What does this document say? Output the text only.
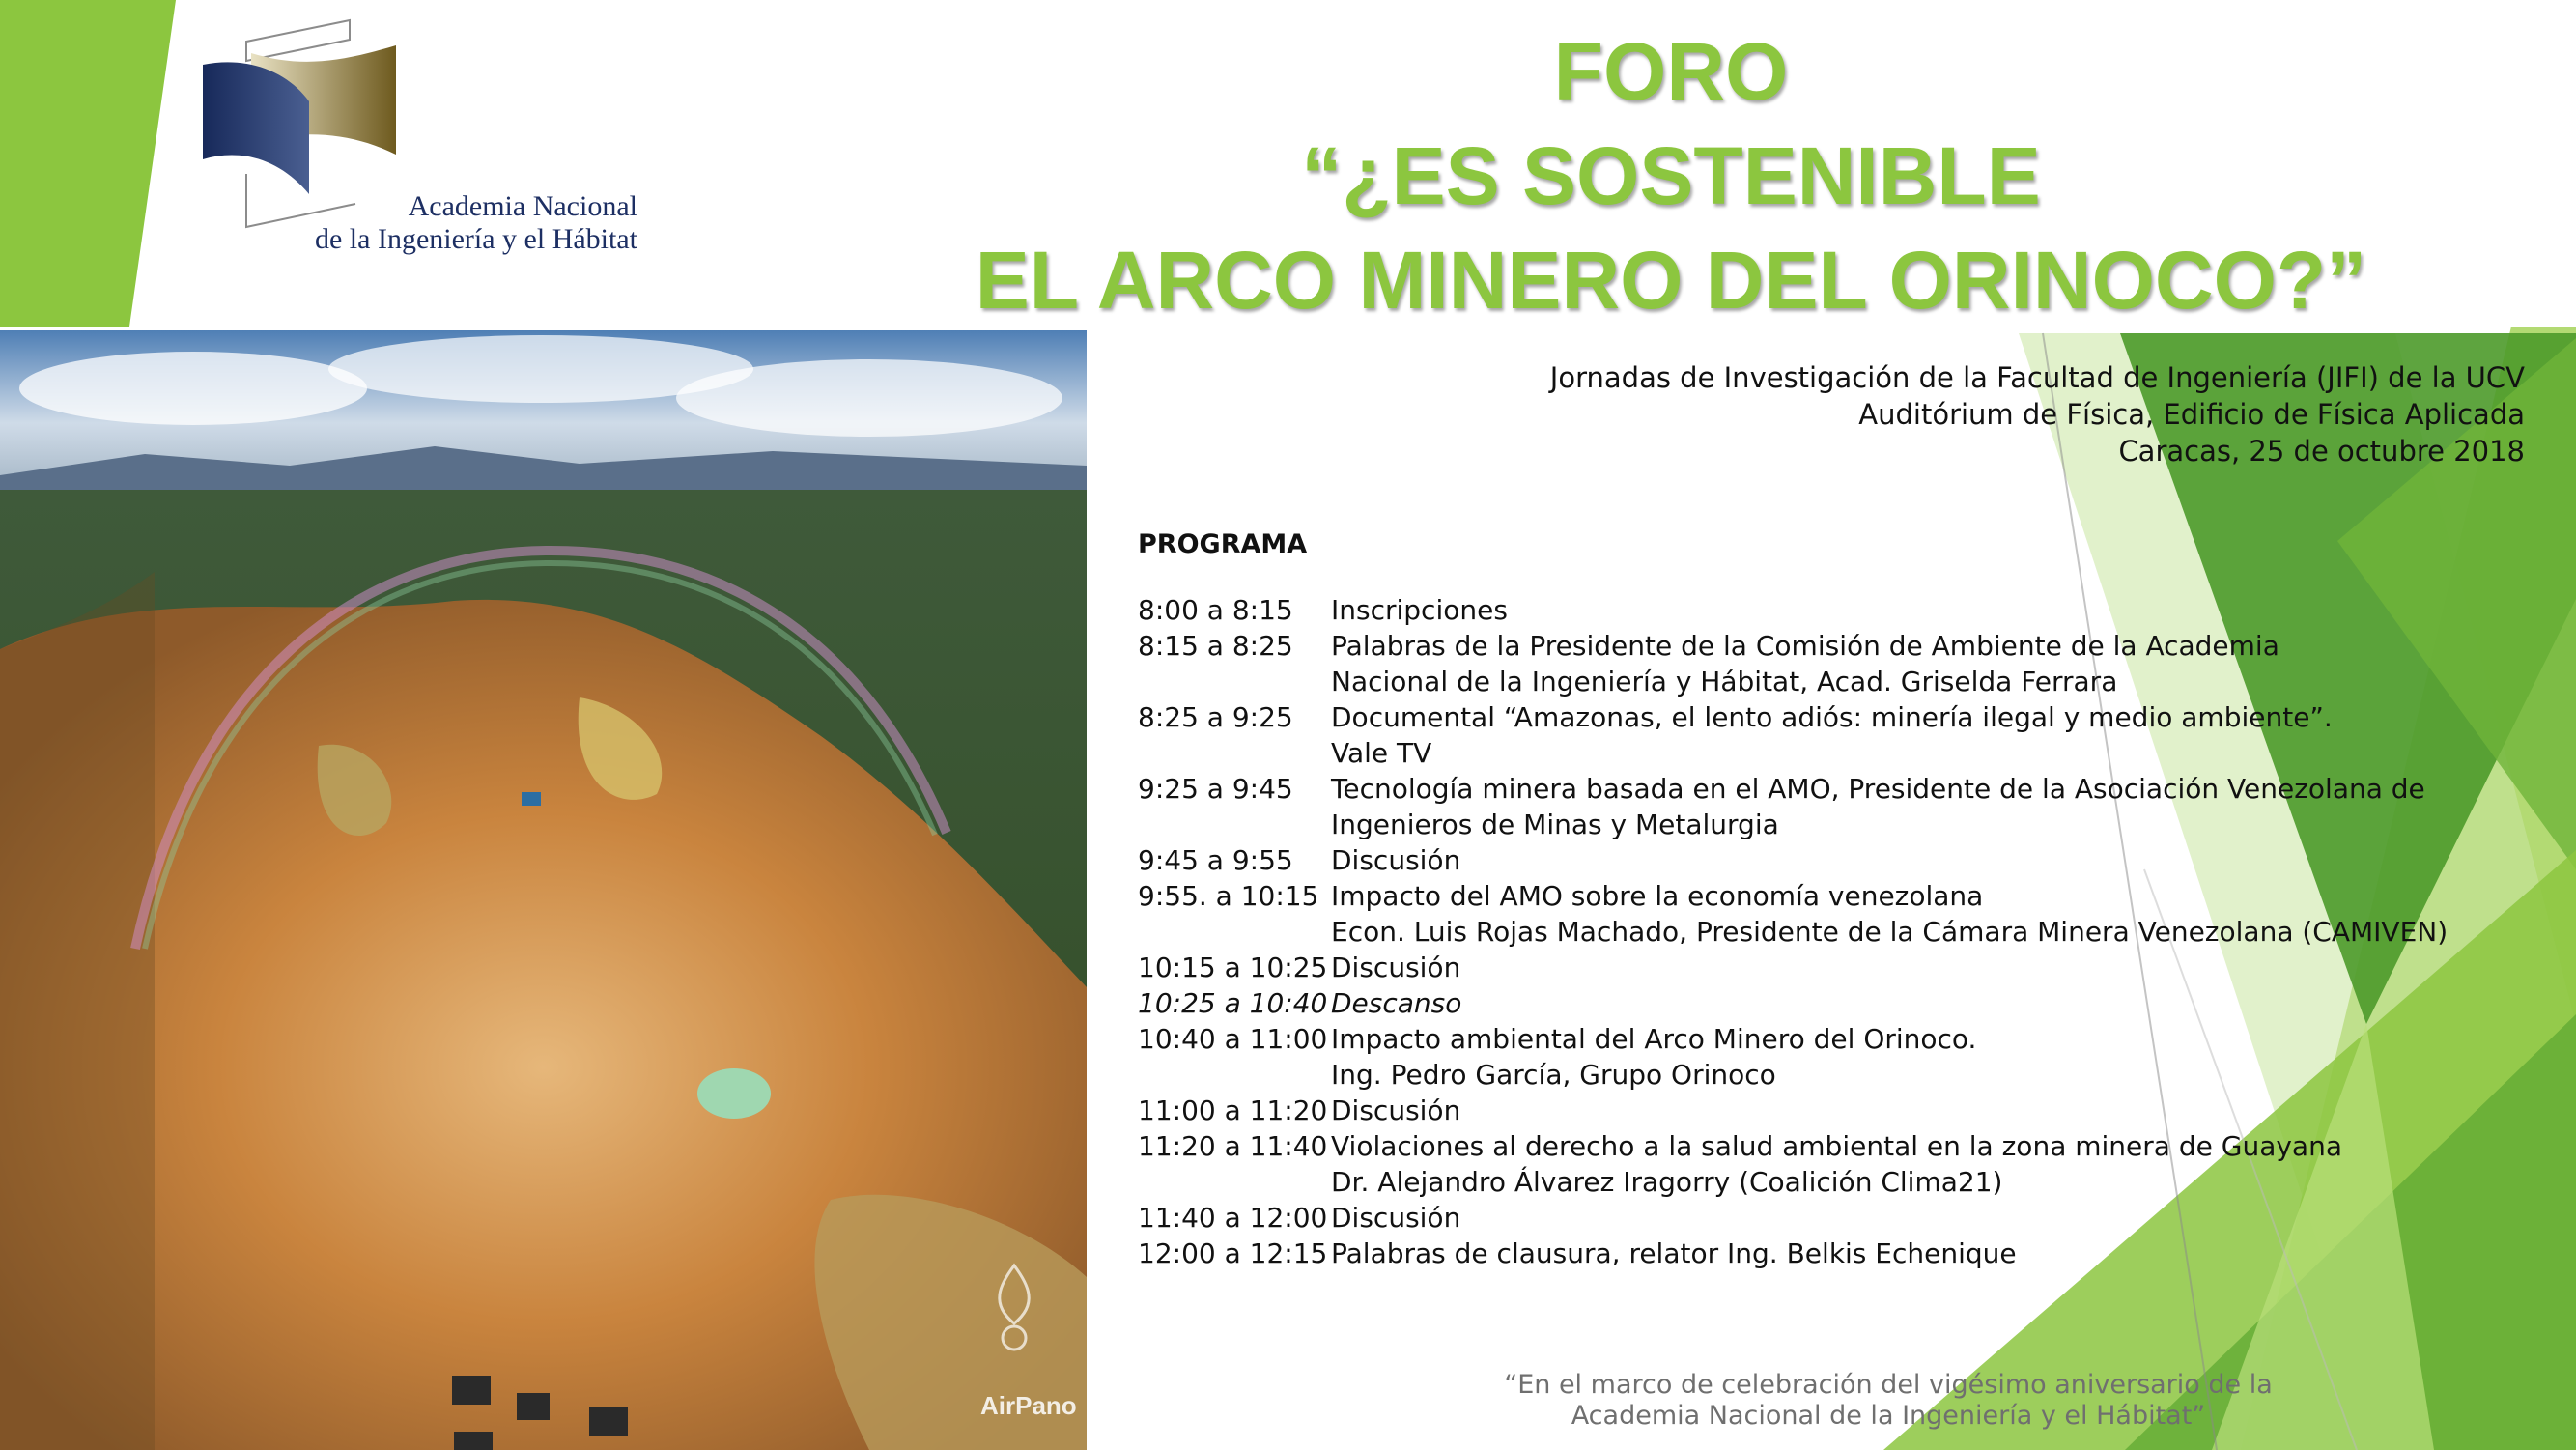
Academia Nacional
de la Ingeniería y el Hábitat
FORO
“¿ES SOSTENIBLE
EL ARCO MINERO DEL ORINOCO?”
AirPano
Jornadas de Investigación de la Facultad de Ingeniería (JIFI) de la UCV
Auditórium de Física, Edificio de Física Aplicada
Caracas, 25 de octubre 2018
PROGRAMA
8:00 a 8:15	Inscripciones
8:15 a 8:25	Palabras de la Presidente de la Comisión de Ambiente de la Academia
Nacional de la Ingeniería y Hábitat, Acad. Griselda Ferrara
8:25 a 9:25	Documental “Amazonas, el lento adiós: minería ilegal y medio ambiente”.
Vale TV
9:25 a 9:45	Tecnología minera basada en el AMO, Presidente de la Asociación Venezolana de
Ingenieros de Minas y Metalurgia
9:45 a 9:55	Discusión
9:55. a 10:15 Impacto del AMO sobre la economía venezolana
Econ. Luis Rojas Machado, Presidente de la Cámara Minera Venezolana (CAMIVEN)
10:15 a 10:25 Discusión
10:25 a 10:40 Descanso
10:40 a 11:00 Impacto ambiental del Arco Minero del Orinoco.
Ing. Pedro García, Grupo Orinoco
11:00 a 11:20 Discusión
11:20 a 11:40 Violaciones al derecho a la salud ambiental en la zona minera de Guayana
Dr. Alejandro Álvarez Iragorry (Coalición Clima21)
11:40 a 12:00 Discusión
12:00 a 12:15 Palabras de clausura, relator Ing. Belkis Echenique
“En el marco de celebración del vigésimo aniversario de la
Academia Nacional de la Ingeniería y el Hábitat”
